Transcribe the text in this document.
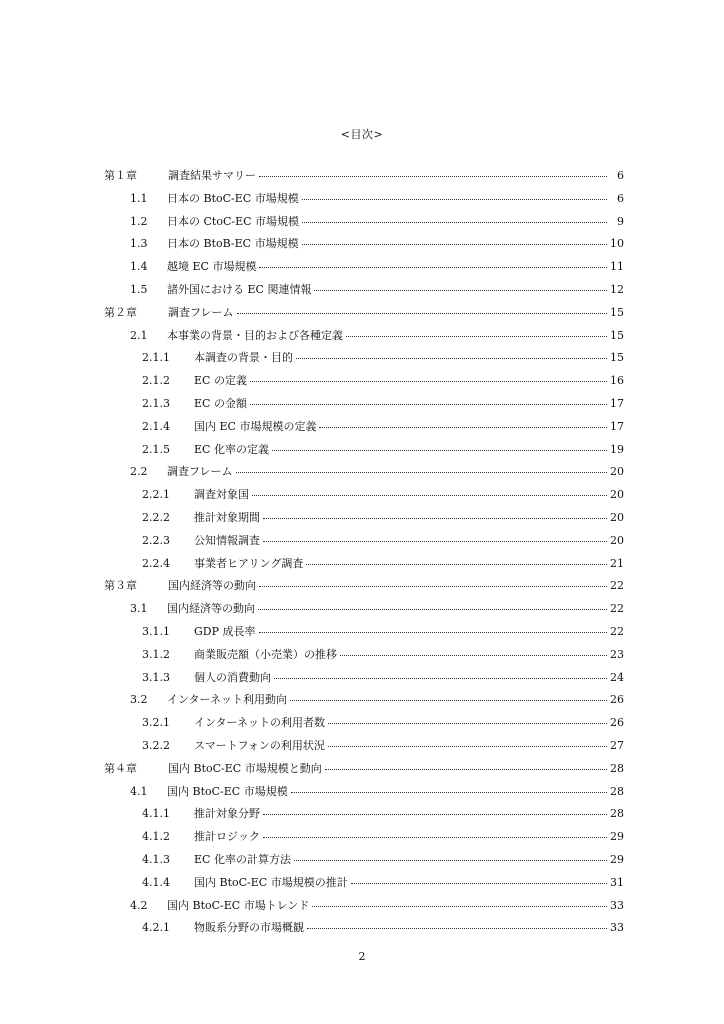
<目次>
第１章	調査結果サマリー	6
1.1	日本の BtoC-EC 市場規模	6
1.2	日本の CtoC-EC 市場規模	9
1.3	日本の BtoB-EC 市場規模	10
1.4	越境 EC 市場規模	11
1.5	諸外国における EC 関連情報	12
第２章	調査フレーム	15
2.1	本事業の背景・目的および各種定義	15
2.1.1	本調査の背景・目的	15
2.1.2	EC の定義	16
2.1.3	EC の金額	17
2.1.4	国内 EC 市場規模の定義	17
2.1.5	EC 化率の定義	19
2.2	調査フレーム	20
2.2.1	調査対象国	20
2.2.2	推計対象期間	20
2.2.3	公知情報調査	20
2.2.4	事業者ヒアリング調査	21
第３章	国内経済等の動向	22
3.1	国内経済等の動向	22
3.1.1	GDP 成長率	22
3.1.2	商業販売額（小売業）の推移	23
3.1.3	個人の消費動向	24
3.2	インターネット利用動向	26
3.2.1	インターネットの利用者数	26
3.2.2	スマートフォンの利用状況	27
第４章	国内 BtoC-EC 市場規模と動向	28
4.1	国内 BtoC-EC 市場規模	28
4.1.1	推計対象分野	28
4.1.2	推計ロジック	29
4.1.3	EC 化率の計算方法	29
4.1.4	国内 BtoC-EC 市場規模の推計	31
4.2	国内 BtoC-EC 市場トレンド	33
4.2.1	物販系分野の市場概観	33
2
